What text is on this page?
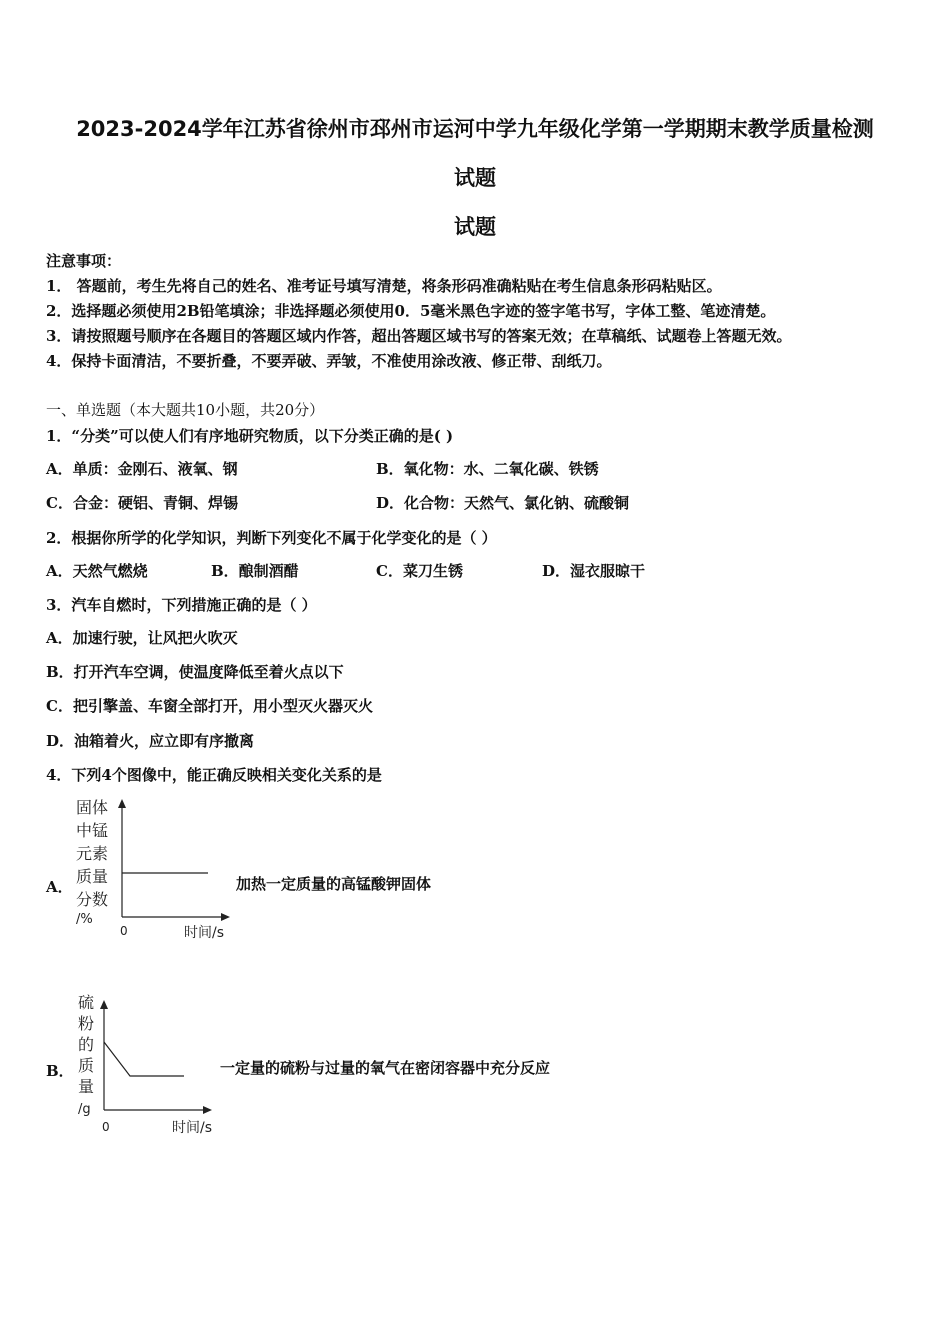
2023-2024学年江苏省徐州市邳州市运河中学九年级化学第一学期期末教学质量检测
试题
试题
注意事项：
1． 答题前，考生先将自己的姓名、准考证号填写清楚，将条形码准确粘贴在考生信息条形码粘贴区。
2．选择题必须使用2B铅笔填涂；非选择题必须使用0．5毫米黑色字迹的签字笔书写，字体工整、笔迹清楚。
3．请按照题号顺序在各题目的答题区域内作答，超出答题区域书写的答案无效；在草稿纸、试题卷上答题无效。
4．保持卡面清洁，不要折叠，不要弄破、弄皱，不准使用涂改液、修正带、刮纸刀。
一、单选题（本大题共10小题，共20分）
1．“分类”可以使人们有序地研究物质，以下分类正确的是( )
A．单质：金刚石、液氧、钢	B．氧化物：水、二氧化碳、铁锈
C．合金：硬铝、青铜、焊锡	D．化合物：天然气、氯化钠、硫酸铜
2．根据你所学的化学知识，判断下列变化不属于化学变化的是（ ）
A．天然气燃烧	B．酿制酒醋	C．菜刀生锈	D．湿衣服晾干
3．汽车自燃时，下列措施正确的是（ ）
A．加速行驶，让风把火吹灭
B．打开汽车空调，使温度降低至着火点以下
C．把引擎盖、车窗全部打开，用小型灭火器灭火
D．油箱着火，应立即有序撤离
4．下列4个图像中，能正确反映相关变化关系的是
A．
固体
中锰
元素
质量
分数
/%
0	时间/s
加热一定质量的高锰酸钾固体
B．
硫
粉
的
质
量
/g
0	时间/s
一定量的硫粉与过量的氧气在密闭容器中充分反应
